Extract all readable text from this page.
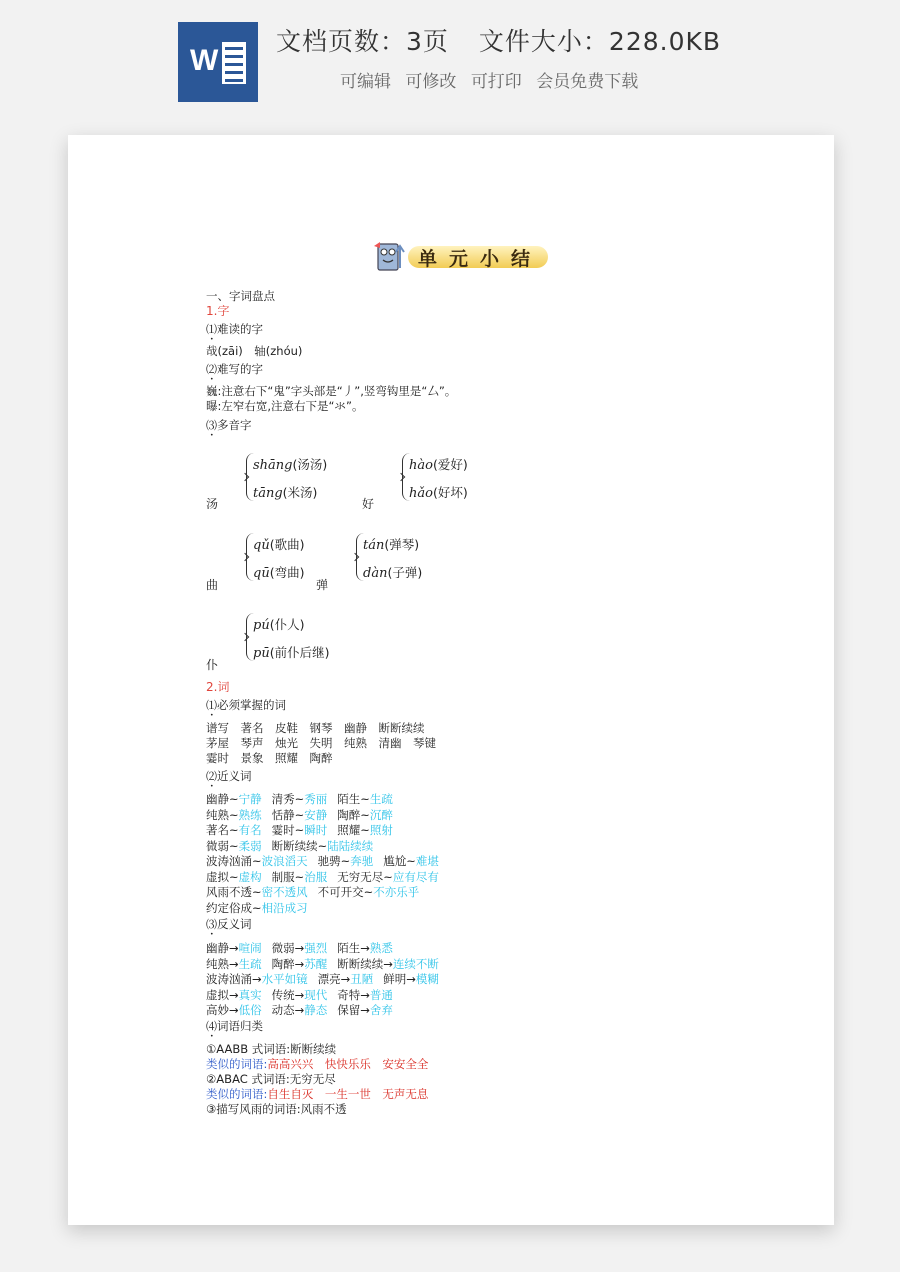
W
文档页数：3页 文件大小：228.0KB
可编辑 可修改 可打印 会员免费下载
单元小结
一、字词盘点
1.字
⑴难读的字
哉(zāi)　轴(zhóu)
⑵难写的字
巍:注意右下“鬼”字头部是“丿”,竖弯钩里是“厶”。
曝:左窄右宽,注意右下是“氺”。
⑶多音字
汤
shāng(汤汤)
tāng(米汤)
好
hào(爱好)
hǎo(好坏)
曲
qǔ(歌曲)
qū(弯曲)
弹
tán(弹琴)
dàn(子弹)
仆
pú(仆人)
pū(前仆后继)
2.词
⑴必须掌握的词
谱写　著名　皮鞋　钢琴　幽静　断断续续
茅屋　琴声　烛光　失明　纯熟　清幽　琴键
霎时　景象　照耀　陶醉
⑵近义词
幽静~宁静 清秀~秀丽 陌生~生疏
纯熟~熟练 恬静~安静 陶醉~沉醉
著名~有名 霎时~瞬时 照耀~照射
微弱~柔弱 断断续续~陆陆续续
波涛汹涌~波浪滔天 驰骋~奔驰 尴尬~难堪
虚拟~虚构 制服~治服 无穷无尽~应有尽有
风雨不透~密不透风 不可开交~不亦乐乎
约定俗成~相沿成习
⑶反义词
幽静→喧闹 微弱→强烈 陌生→熟悉
纯熟→生疏 陶醉→苏醒 断断续续→连续不断
波涛汹涌→水平如镜 漂亮→丑陋 鲜明→模糊
虚拟→真实 传统→现代 奇特→普通
高妙→低俗 动态→静态 保留→舍弃
⑷词语归类
①AABB 式词语:断断续续
类似的词语:高高兴兴　快快乐乐　安安全全
②ABAC 式词语:无穷无尽
类似的词语:自生自灭　一生一世　无声无息
③描写风雨的词语:风雨不透
